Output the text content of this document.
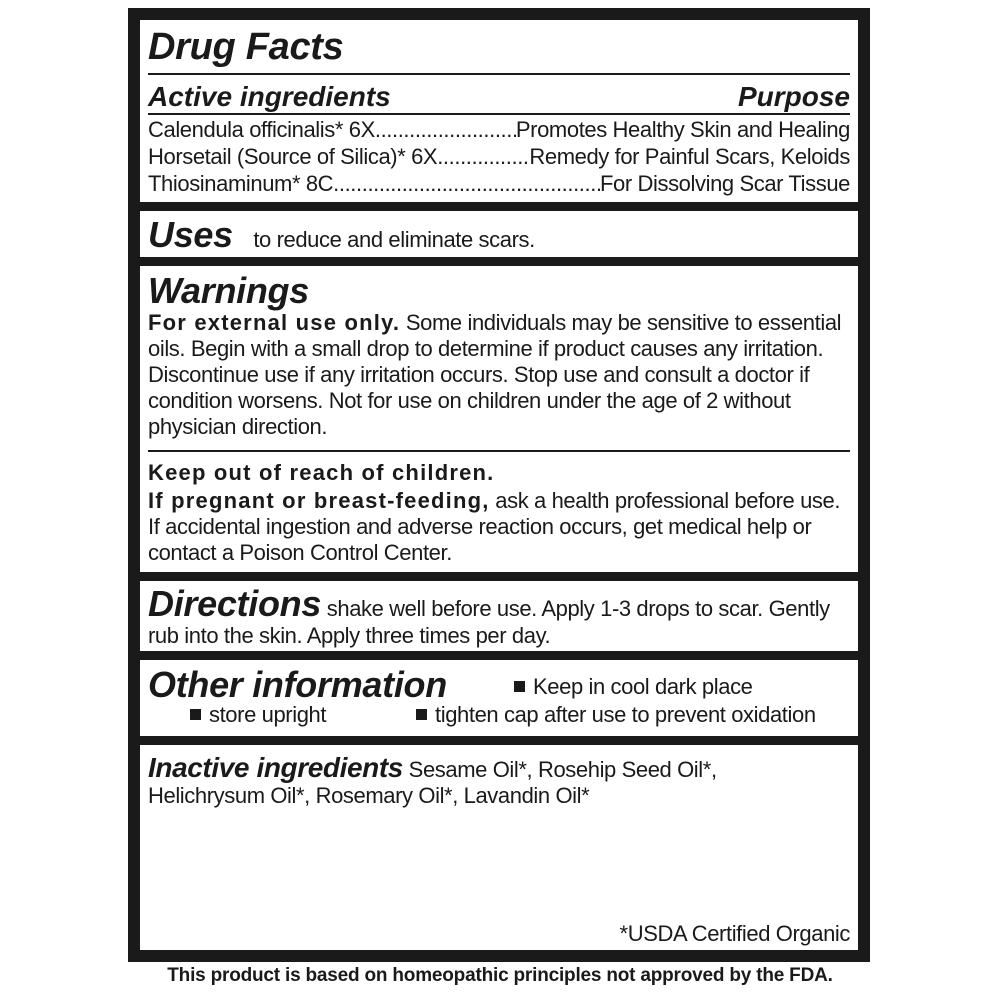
Drug Facts
Active ingredients	Purpose
Calendula officinalis* 6X .....	Promotes Healthy Skin and Healing
Horsetail (Source of Silica)* 6X .....	Remedy for Painful Scars, Keloids
Thiosinaminum* 8C .....	For Dissolving Scar Tissue
Uses to reduce and eliminate scars.
Warnings
For external use only. Some individuals may be sensitive to essential oils. Begin with a small drop to determine if product causes any irritation. Discontinue use if any irritation occurs. Stop use and consult a doctor if condition worsens. Not for use on children under the age of 2 without physician direction.
Keep out of reach of children.
If pregnant or breast-feeding, ask a health professional before use. If accidental ingestion and adverse reaction occurs, get medical help or contact a Poison Control Center.
Directions shake well before use. Apply 1-3 drops to scar. Gently rub into the skin. Apply three times per day.
Other information	Keep in cool dark place
store upright	tighten cap after use to prevent oxidation
Inactive ingredients Sesame Oil*, Rosehip Seed Oil*, Helichrysum Oil*, Rosemary Oil*, Lavandin Oil*
*USDA Certified Organic
This product is based on homeopathic principles not approved by the FDA.
